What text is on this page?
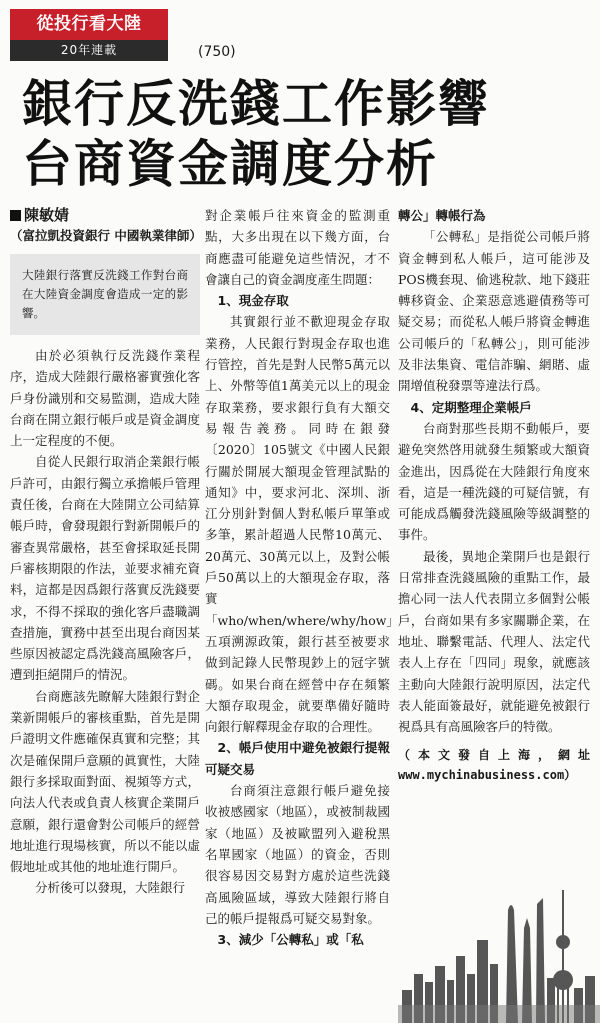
從投行看大陸
20年連載	(750)
銀行反洗錢工作影響
台商資金調度分析
陳敏婧
（富拉凱投資銀行 中國執業律師）
大陸銀行落實反洗錢工作對台商在大陸資金調度會造成一定的影響。

由於必須執行反洗錢作業程序，造成大陸銀行嚴格審實強化客戶身份識別和交易監測，造成大陸台商在開立銀行帳戶或是資金調度上一定程度的不便。

自從人民銀行取消企業銀行帳戶許可，由銀行獨立承擔帳戶管理責任後，台商在大陸開立公司結算帳戶時，會發現銀行對新開帳戶的審查異常嚴格，甚至會採取延長開戶審核期限的作法，並要求補充資料，這都是因爲銀行落實反洗錢要求，不得不採取的強化客戶盡職調查措施，實務中甚至出現台商因某些原因被認定爲洗錢高風險客戶，遭到拒絕開戶的情況。

台商應該先瞭解大陸銀行對企業新開帳戶的審核重點，首先是開戶證明文件應確保真實和完整；其次是確保開戶意願的眞實性，大陸銀行多採取面對面、視頻等方式，向法人代表或負責人核實企業開戶意願，銀行還會對公司帳戶的經營地址進行現場核實，所以不能以虛假地址或其他的地址進行開戶。

分析後可以發現，大陸銀行

對企業帳戶往來資金的監測重點，大多出現在以下幾方面，台商應盡可能避免這些情況，才不會讓自己的資金調度產生問題：

1、現金存取

其實銀行並不歡迎現金存取業務，人民銀行對現金存取也進行管控，首先是對人民幣5萬元以上、外幣等值1萬美元以上的現金存取業務，要求銀行負有大額交易報告義務。同時在銀發〔2020〕105號文《中國人民銀行關於開展大額現金管理試點的通知》中，要求河北、深圳、浙江分別針對個人對私帳戶單筆或多筆，累計超過人民幣10萬元、20萬元、30萬元以上，及對公帳戶50萬以上的大額現金存取，落實「who/when/where/why/how」五項溯源政策，銀行甚至被要求做到記錄人民幣現鈔上的冠字號碼。如果台商在經營中存在頻繁大額存取現金，就要準備好隨時向銀行解釋現金存取的合理性。

2、帳戶使用中避免被銀行提報可疑交易

台商須注意銀行帳戶避免接收被感國家（地區），或被制裁國家（地區）及被歐盟列入避稅黑名單國家（地區）的資金，否則很容易因交易對方處於這些洗錢高風險區域，導致大陸銀行將自己的帳戶提報爲可疑交易對象。

3、減少「公轉私」或「私
轉公」轉帳行為

「公轉私」是指從公司帳戶將資金轉到私人帳戶，這可能涉及POS機套現、偷逃稅款、地下錢莊轉移資金、企業惡意逃避債務等可疑交易；而從私人帳戶將資金轉進公司帳戶的「私轉公」，則可能涉及非法集資、電信詐騙、網賭、虛開增值稅發票等違法行爲。

4、定期整理企業帳戶

台商對那些長期不動帳戶，要避免突然啓用就發生頻繁或大額資金進出，因爲從在大陸銀行角度來看，這是一種洗錢的可疑信號，有可能成爲觸發洗錢風險等級調整的事件。

最後，異地企業開戶也是銀行日常排查洗錢風險的重點工作，最擔心同一法人代表開立多個對公帳戶，台商如果有多家關聯企業，在地址、聯繫電話、代理人、法定代表人上存在「四同」現象，就應該主動向大陸銀行說明原因，法定代表人能面簽最好，就能避免被銀行視爲具有高風險客戶的特徵。

（本文發自上海，網址www.mychinabusiness.com）
